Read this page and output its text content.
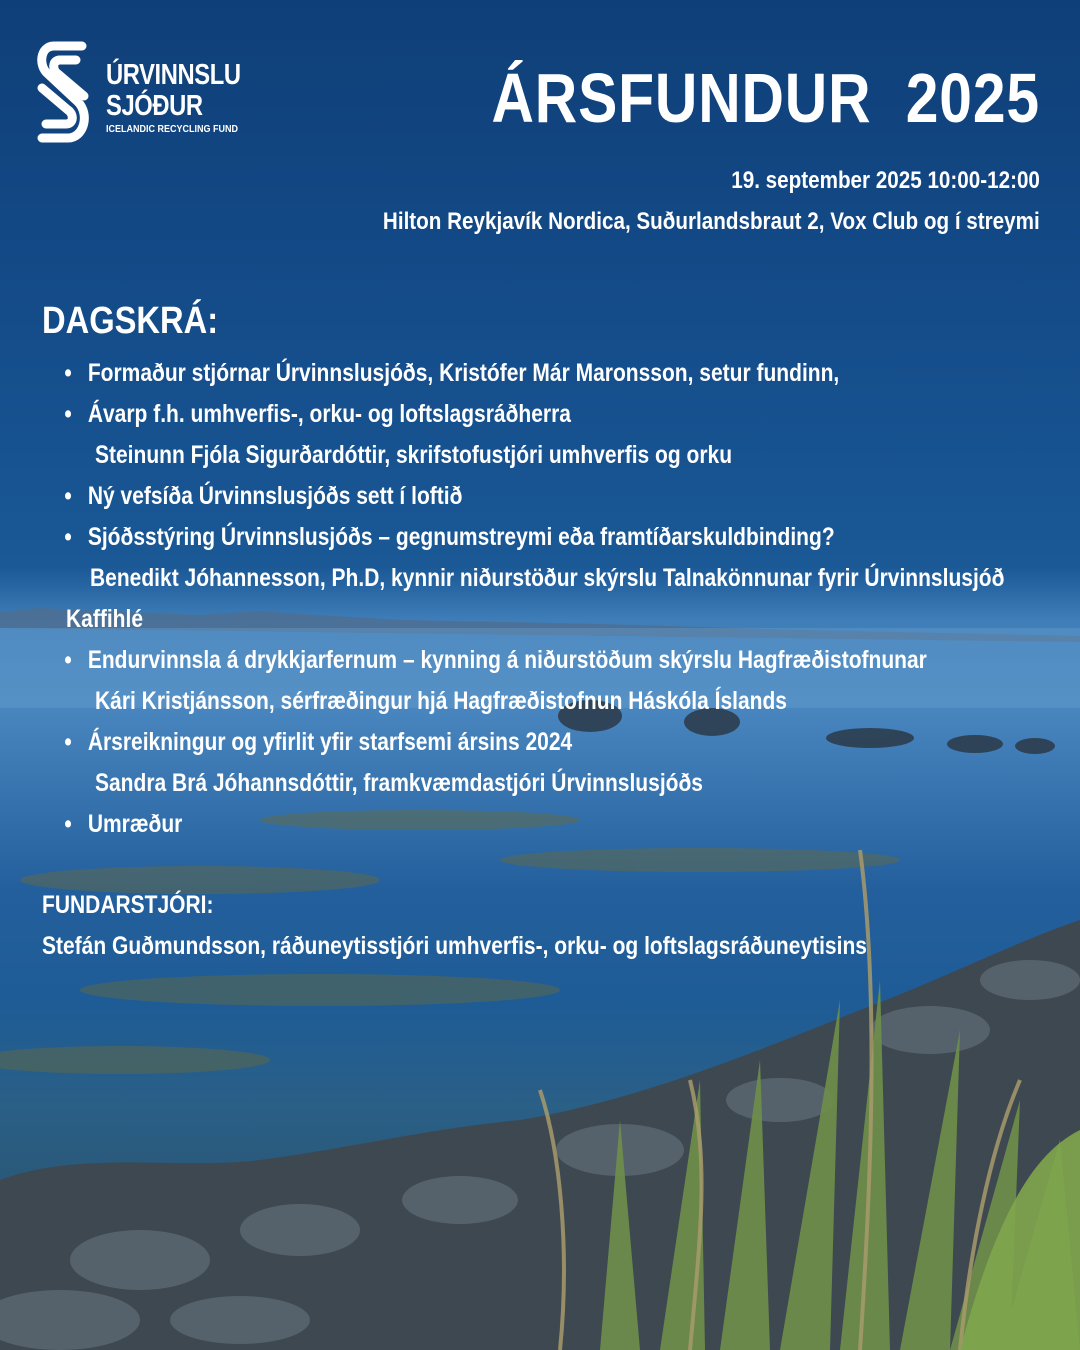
ÚRVINNSLU
SJÓÐUR
ICELANDIC RECYCLING FUND	ÁRSFUNDUR  2025
19. september 2025 10:00-12:00
Hilton Reykjavík Nordica, Suðurlandsbraut 2, Vox Club og í streymi
DAGSKRÁ:
• Formaður stjórnar Úrvinnslusjóðs, Kristófer Már Maronsson, setur fundinn,
• Ávarp f.h. umhverfis-, orku- og loftslagsráðherra
Steinunn Fjóla Sigurðardóttir, skrifstofustjóri umhverfis og orku
• Ný vefsíða Úrvinnslusjóðs sett í loftið
• Sjóðsstýring Úrvinnslusjóðs – gegnumstreymi eða framtíðarskuldbinding?
Benedikt Jóhannesson, Ph.D, kynnir niðurstöður skýrslu Talnakönnunar fyrir Úrvinnslusjóð
Kaffihlé
• Endurvinnsla á drykkjarfernum – kynning á niðurstöðum skýrslu Hagfræðistofnunar
Kári Kristjánsson, sérfræðingur hjá Hagfræðistofnun Háskóla Íslands
• Ársreikningur og yfirlit yfir starfsemi ársins 2024
Sandra Brá Jóhannsdóttir, framkvæmdastjóri Úrvinnslusjóðs
• Umræður
FUNDARSTJÓRI:
Stefán Guðmundsson, ráðuneytisstjóri umhverfis-, orku- og loftslagsráðuneytisins
